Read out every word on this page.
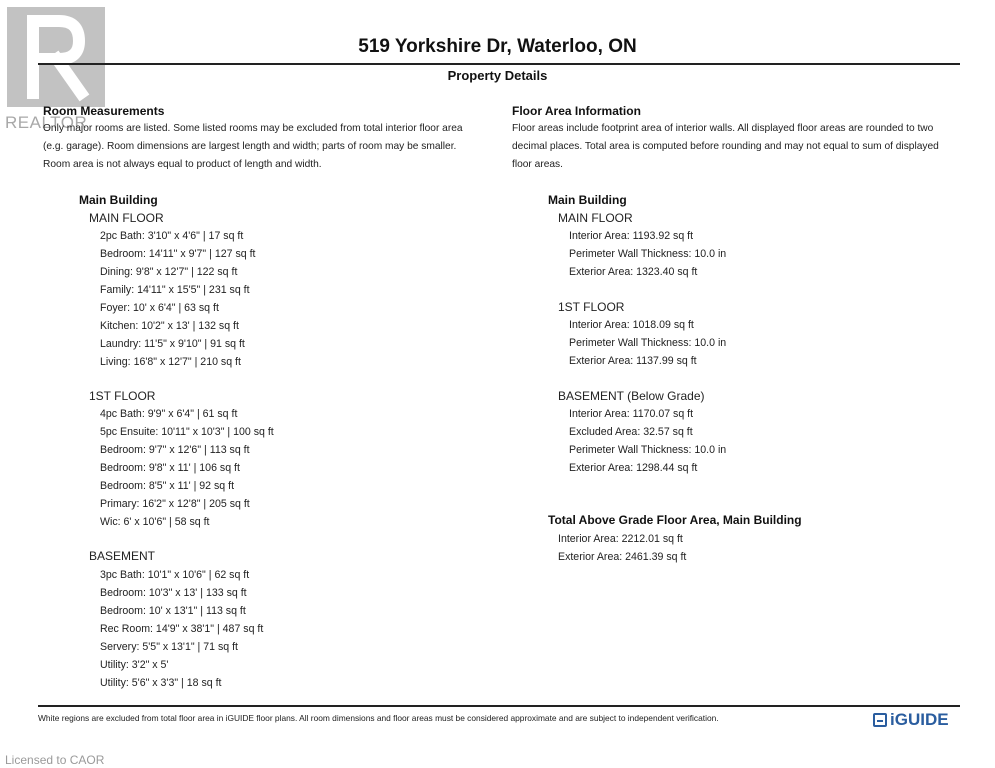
REALTOR
519 Yorkshire Dr, Waterloo, ON
Property Details
Room Measurements
Only major rooms are listed. Some listed rooms may be excluded from total interior floor area
(e.g. garage). Room dimensions are largest length and width; parts of room may be smaller.
Room area is not always equal to product of length and width.
Main Building
MAIN FLOOR
2pc Bath: 3'10" x 4'6" | 17 sq ft
Bedroom: 14'11" x 9'7" | 127 sq ft
Dining: 9'8" x 12'7" | 122 sq ft
Family: 14'11" x 15'5" | 231 sq ft
Foyer: 10' x 6'4" | 63 sq ft
Kitchen: 10'2" x 13' | 132 sq ft
Laundry: 11'5" x 9'10" | 91 sq ft
Living: 16'8" x 12'7" | 210 sq ft
1ST FLOOR
4pc Bath: 9'9" x 6'4" | 61 sq ft
5pc Ensuite: 10'11" x 10'3" | 100 sq ft
Bedroom: 9'7" x 12'6" | 113 sq ft
Bedroom: 9'8" x 11' | 106 sq ft
Bedroom: 8'5" x 11' | 92 sq ft
Primary: 16'2" x 12'8" | 205 sq ft
Wic: 6' x 10'6" | 58 sq ft
BASEMENT
3pc Bath: 10'1" x 10'6" | 62 sq ft
Bedroom: 10'3" x 13' | 133 sq ft
Bedroom: 10' x 13'1" | 113 sq ft
Rec Room: 14'9" x 38'1" | 487 sq ft
Servery: 5'5" x 13'1" | 71 sq ft
Utility: 3'2" x 5'
Utility: 5'6" x 3'3" | 18 sq ft
Floor Area Information
Floor areas include footprint area of interior walls. All displayed floor areas are rounded to two
decimal places. Total area is computed before rounding and may not equal to sum of displayed
floor areas.
Main Building
MAIN FLOOR
Interior Area: 1193.92 sq ft
Perimeter Wall Thickness: 10.0 in
Exterior Area: 1323.40 sq ft
1ST FLOOR
Interior Area: 1018.09 sq ft
Perimeter Wall Thickness: 10.0 in
Exterior Area: 1137.99 sq ft
BASEMENT (Below Grade)
Interior Area: 1170.07 sq ft
Excluded Area: 32.57 sq ft
Perimeter Wall Thickness: 10.0 in
Exterior Area: 1298.44 sq ft
Total Above Grade Floor Area, Main Building
Interior Area: 2212.01 sq ft
Exterior Area: 2461.39 sq ft
White regions are excluded from total floor area in iGUIDE floor plans. All room dimensions and floor areas must be considered approximate and are subject to independent verification.	iGUIDE
Licensed to CAOR
